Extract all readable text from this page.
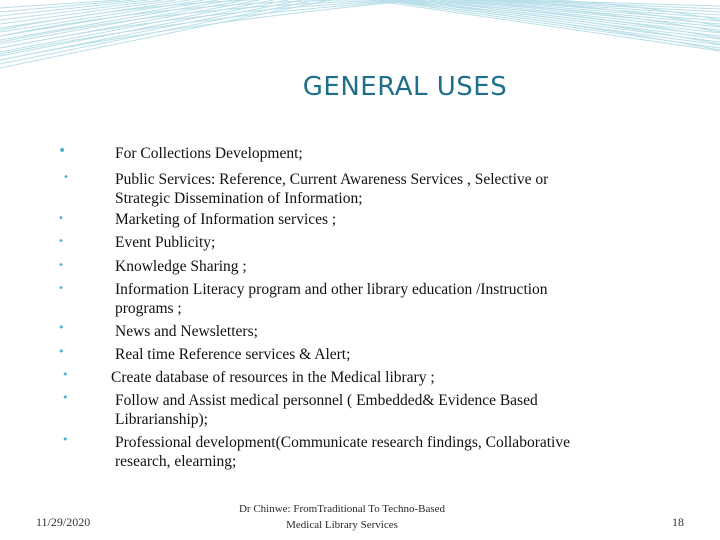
GENERAL USES
•	For Collections Development;
•	Public Services: Reference, Current Awareness Services , Selective or
Strategic Dissemination of Information;
•	Marketing of Information services ;
•	Event Publicity;
•	Knowledge Sharing ;
•	Information Literacy program and other library education /Instruction
programs ;
•	News and Newsletters;
•	Real time Reference services & Alert;
•	Create database of resources in the Medical library ;
•	Follow and Assist medical personnel ( Embedded& Evidence Based
Librarianship);
•	Professional development(Communicate research findings, Collaborative
research, elearning;
11/29/2020
Dr Chinwe: FromTraditional To Techno-Based
Medical Library Services	18
